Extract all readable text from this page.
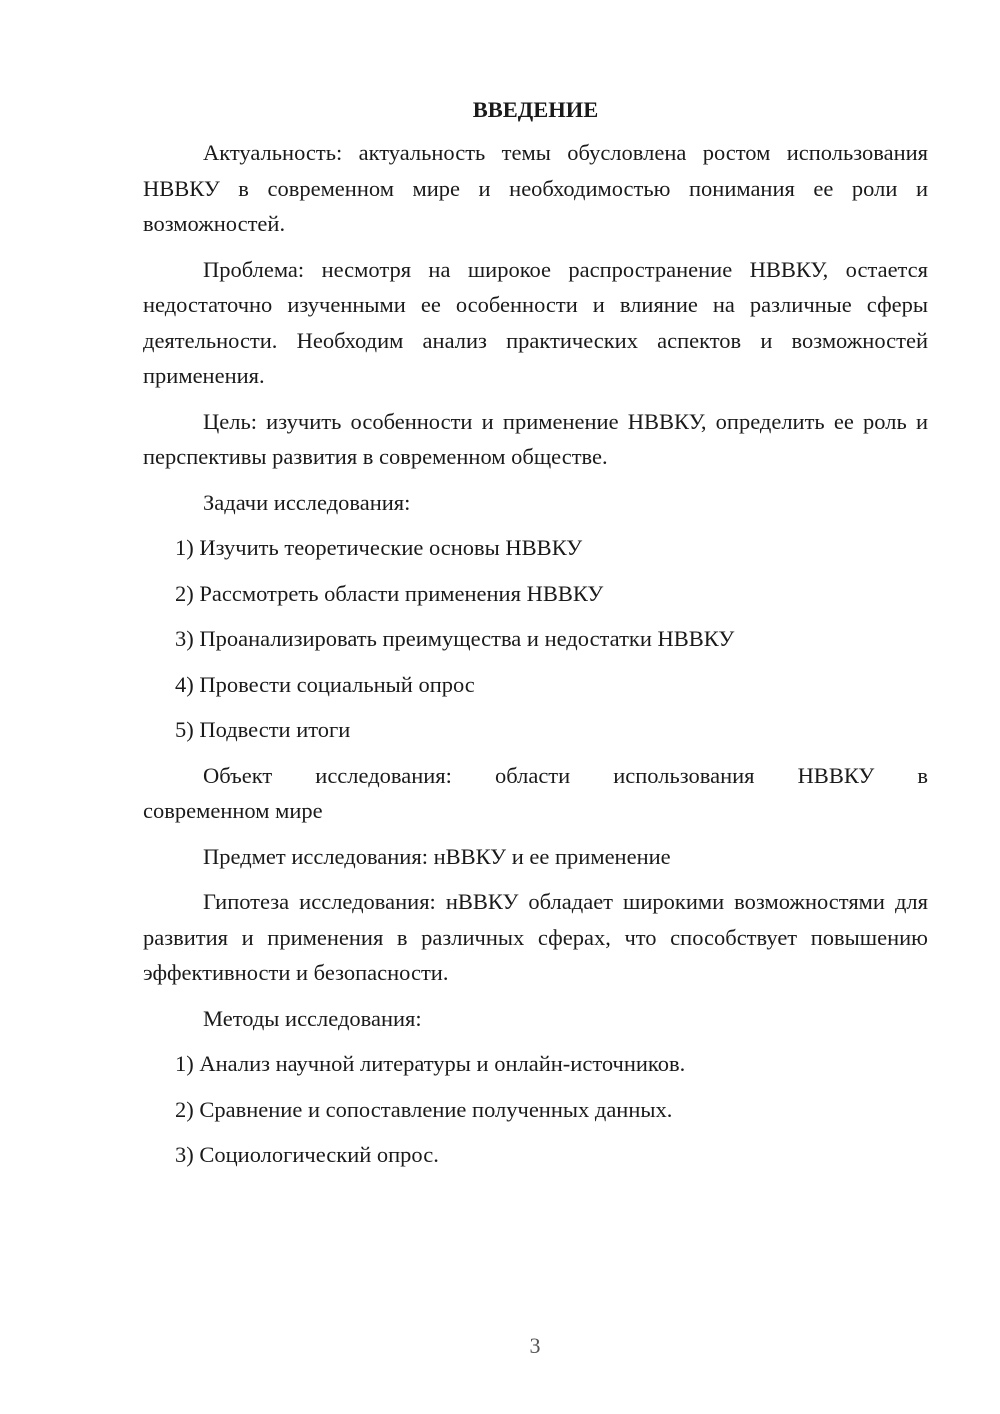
ВВЕДЕНИЕ

Актуальность: актуальность темы обусловлена ростом использования НВВКУ в современном мире и необходимостью понимания ее роли и возможностей.

Проблема: несмотря на широкое распространение НВВКУ, остается недостаточно изученными ее особенности и влияние на различные сферы деятельности. Необходим анализ практических аспектов и возможностей применения.

Цель: изучить особенности и применение НВВКУ, определить ее роль и перспективы развития в современном обществе.

Задачи исследования:

1) Изучить теоретические основы НВВКУ
2) Рассмотреть области применения НВВКУ
3) Проанализировать преимущества и недостатки НВВКУ
4) Провести социальный опрос
5) Подвести итоги
Объект исследования: области использования НВВКУ в
современном мире

Предмет исследования: нВВКУ и ее применение

Гипотеза исследования: нВВКУ обладает широкими возможностями для развития и применения в различных сферах, что способствует повышению эффективности и безопасности.

Методы исследования:

1) Анализ научной литературы и онлайн-источников.
2) Сравнение и сопоставление полученных данных.
3) Социологический опрос.
3
